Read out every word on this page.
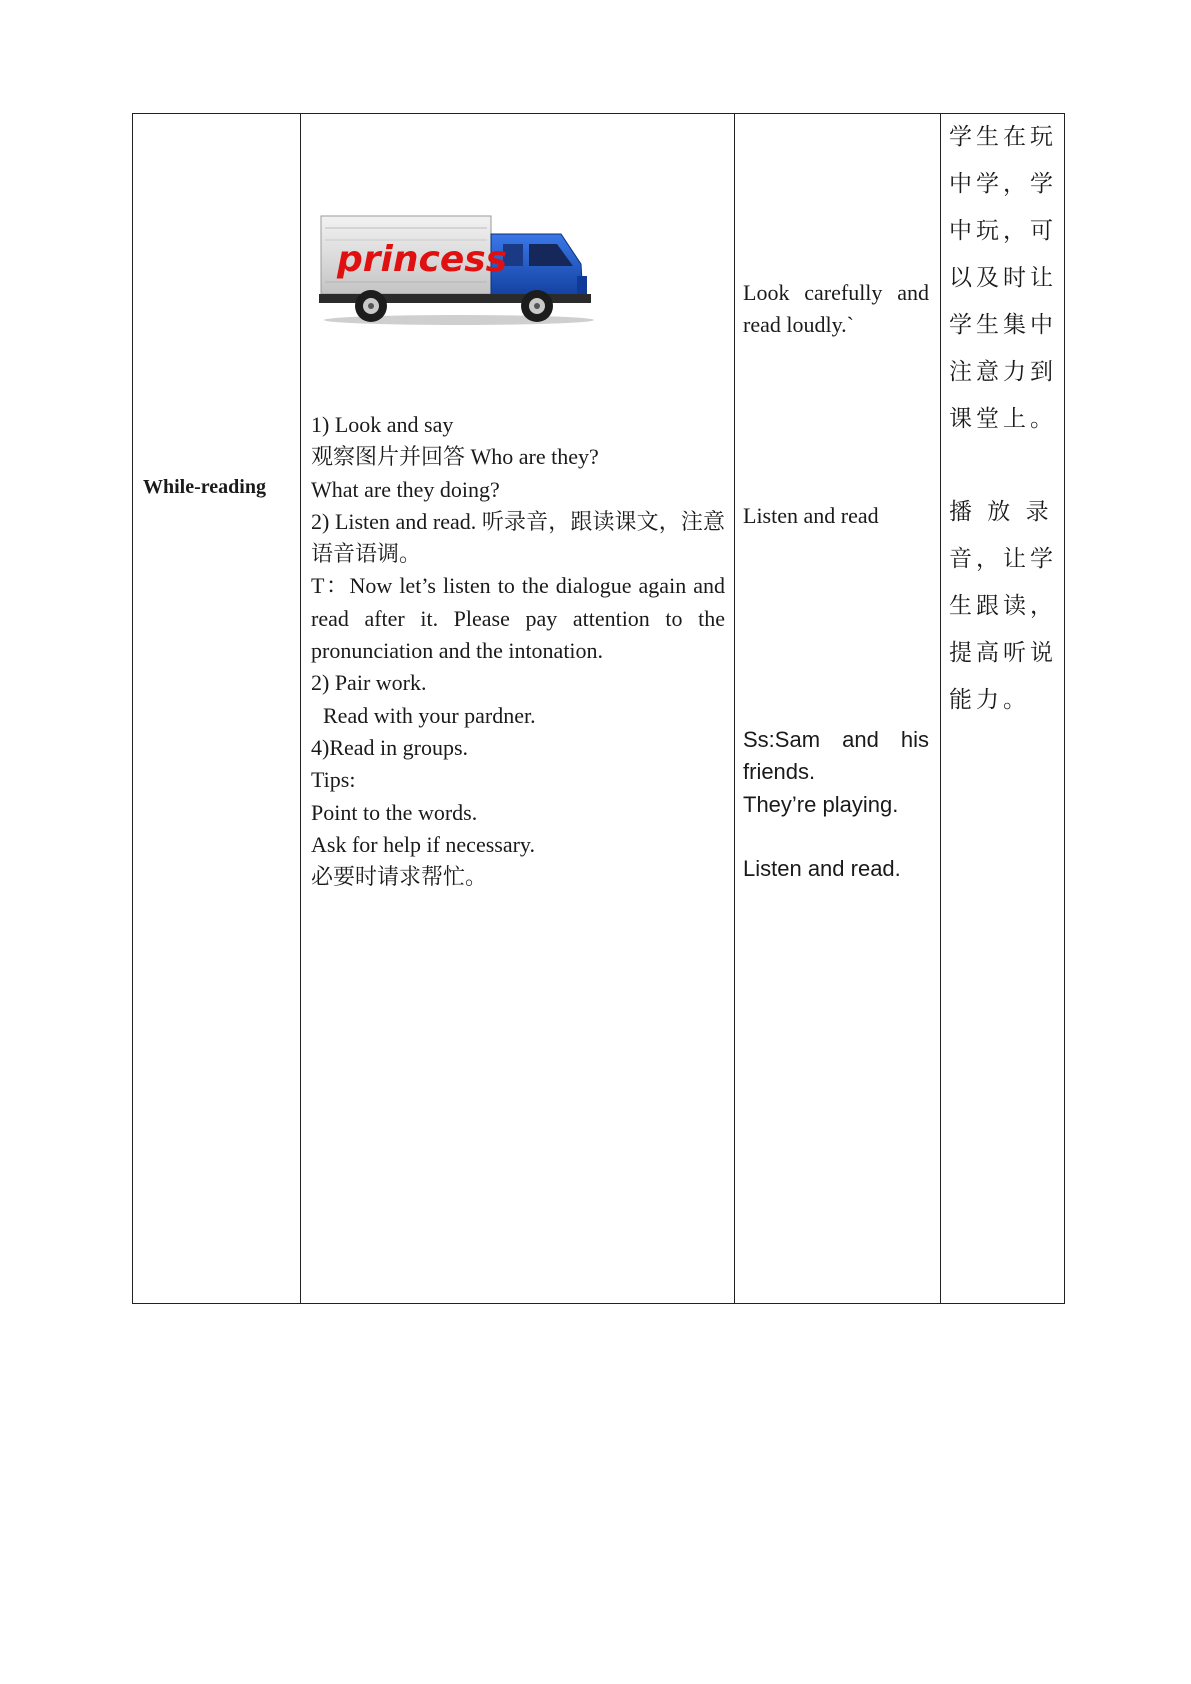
While-reading
princess

1) Look and say

观察图片并回答 Who are they?

What are they doing?

2) Listen and read. 听录音，跟读课文，注意语音语调。

T：Now let’s listen to the dialogue again and read after it. Please pay attention to the pronunciation and the intonation.

2) Pair work.

Read with your pardner.

4)Read in groups.

Tips:

Point to the words.

Ask for help if necessary.

必要时请求帮忙。

Look carefully and read loudly.`
Listen and read

Ss:Sam and his

friends.

They’re playing.

Listen and read.

学生在玩
中学，学
中玩，可
以及时让
学生集中
注意力到
课堂上。
播 放 录
音，让学
生跟读，
提高听说
能力。
